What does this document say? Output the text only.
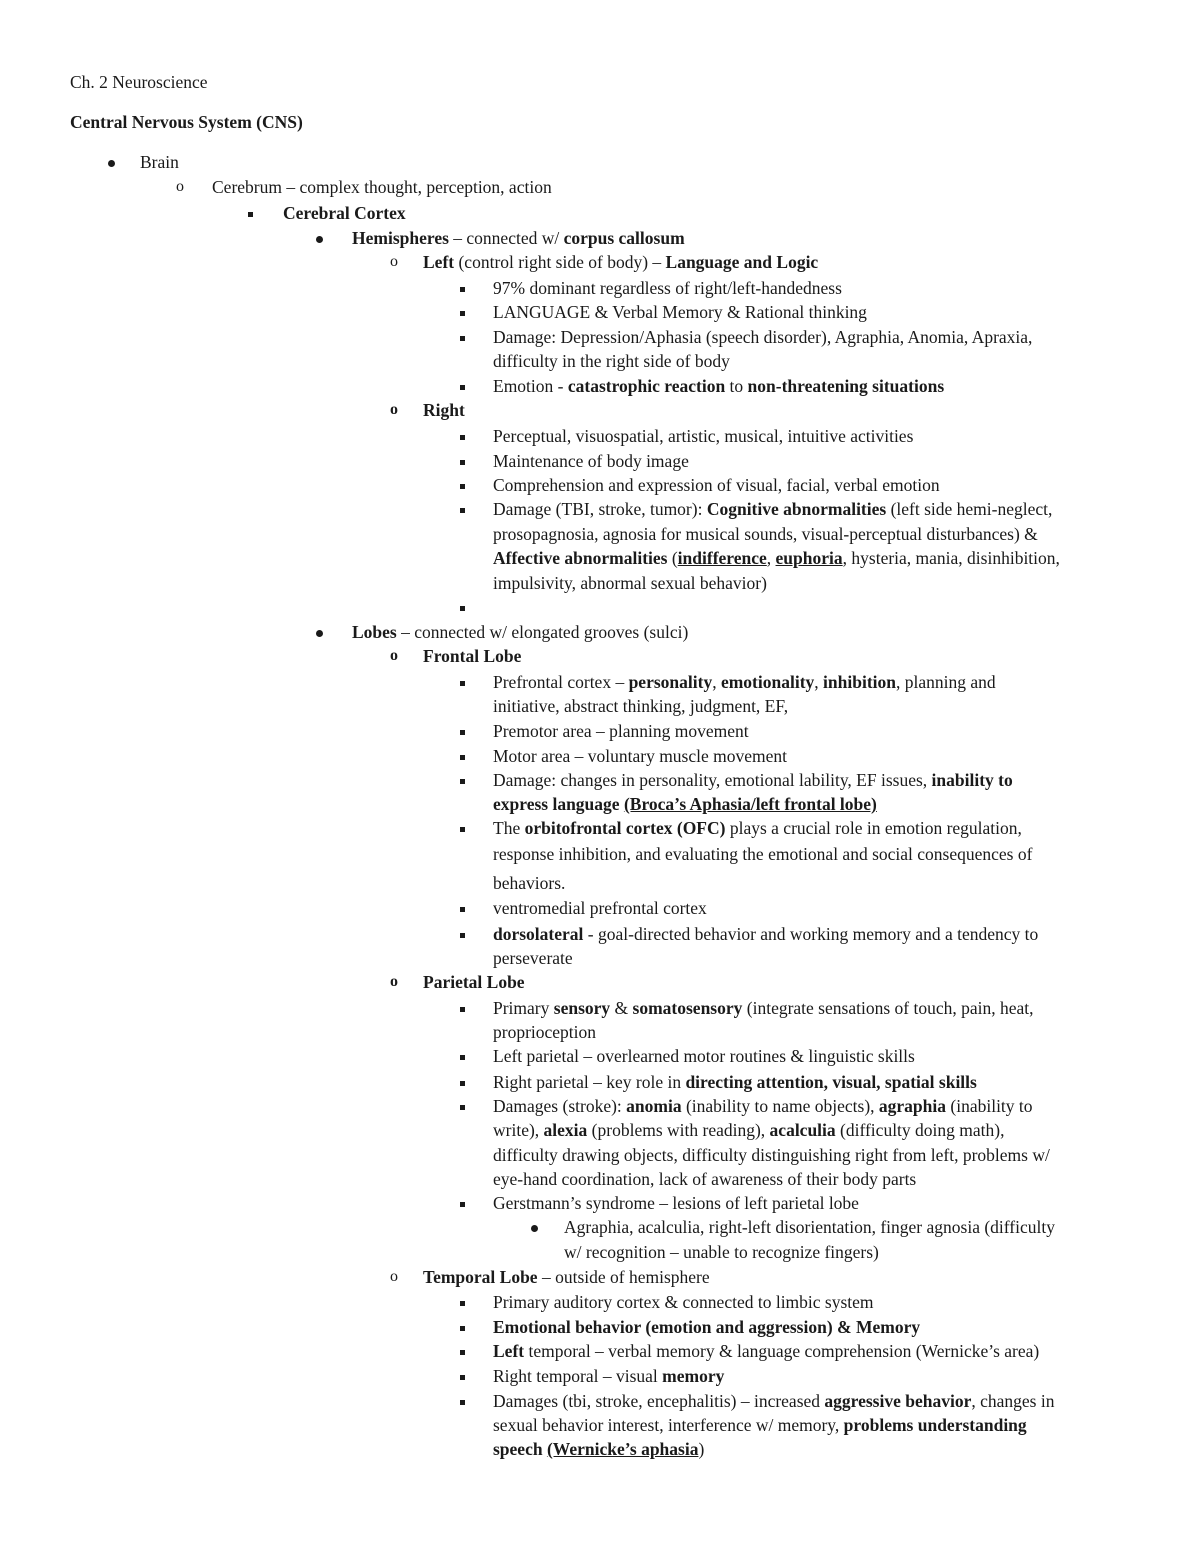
Ch. 2 Neuroscience
Central Nervous System (CNS)
Brain
o Cerebrum – complex thought, perception, action
Cerebral Cortex
Hemispheres – connected w/ corpus callosum
o Left (control right side of body) – Language and Logic
97% dominant regardless of right/left-handedness
LANGUAGE & Verbal Memory & Rational thinking
Damage: Depression/Aphasia (speech disorder), Agraphia, Anomia, Apraxia,
difficulty in the right side of body
Emotion - catastrophic reaction to non-threatening situations
o Right
Perceptual, visuospatial, artistic, musical, intuitive activities
Maintenance of body image
Comprehension and expression of visual, facial, verbal emotion
Damage (TBI, stroke, tumor): Cognitive abnormalities (left side hemi-neglect,
prosopagnosia, agnosia for musical sounds, visual-perceptual disturbances) &
Affective abnormalities (indifference, euphoria, hysteria, mania, disinhibition,
impulsivity, abnormal sexual behavior)
Lobes – connected w/ elongated grooves (sulci)
o Frontal Lobe
Prefrontal cortex – personality, emotionality, inhibition, planning and
initiative, abstract thinking, judgment, EF,
Premotor area – planning movement
Motor area – voluntary muscle movement
Damage: changes in personality, emotional lability, EF issues, inability to
express language (Broca’s Aphasia/left frontal lobe)
The orbitofrontal cortex (OFC) plays a crucial role in emotion regulation,
response inhibition, and evaluating the emotional and social consequences of
behaviors.
ventromedial prefrontal cortex
dorsolateral - goal-directed behavior and working memory and a tendency to
perseverate
o Parietal Lobe
Primary sensory & somatosensory (integrate sensations of touch, pain, heat,
proprioception
Left parietal – overlearned motor routines & linguistic skills
Right parietal – key role in directing attention, visual, spatial skills
Damages (stroke): anomia (inability to name objects), agraphia (inability to
write), alexia (problems with reading), acalculia (difficulty doing math),
difficulty drawing objects, difficulty distinguishing right from left, problems w/
eye-hand coordination, lack of awareness of their body parts
Gerstmann’s syndrome – lesions of left parietal lobe
Agraphia, acalculia, right-left disorientation, finger agnosia (difficulty
w/ recognition – unable to recognize fingers)
o Temporal Lobe – outside of hemisphere
Primary auditory cortex & connected to limbic system
Emotional behavior (emotion and aggression) & Memory
Left temporal – verbal memory & language comprehension (Wernicke’s area)
Right temporal – visual memory
Damages (tbi, stroke, encephalitis) – increased aggressive behavior, changes in
sexual behavior interest, interference w/ memory, problems understanding
speech (Wernicke’s aphasia)
